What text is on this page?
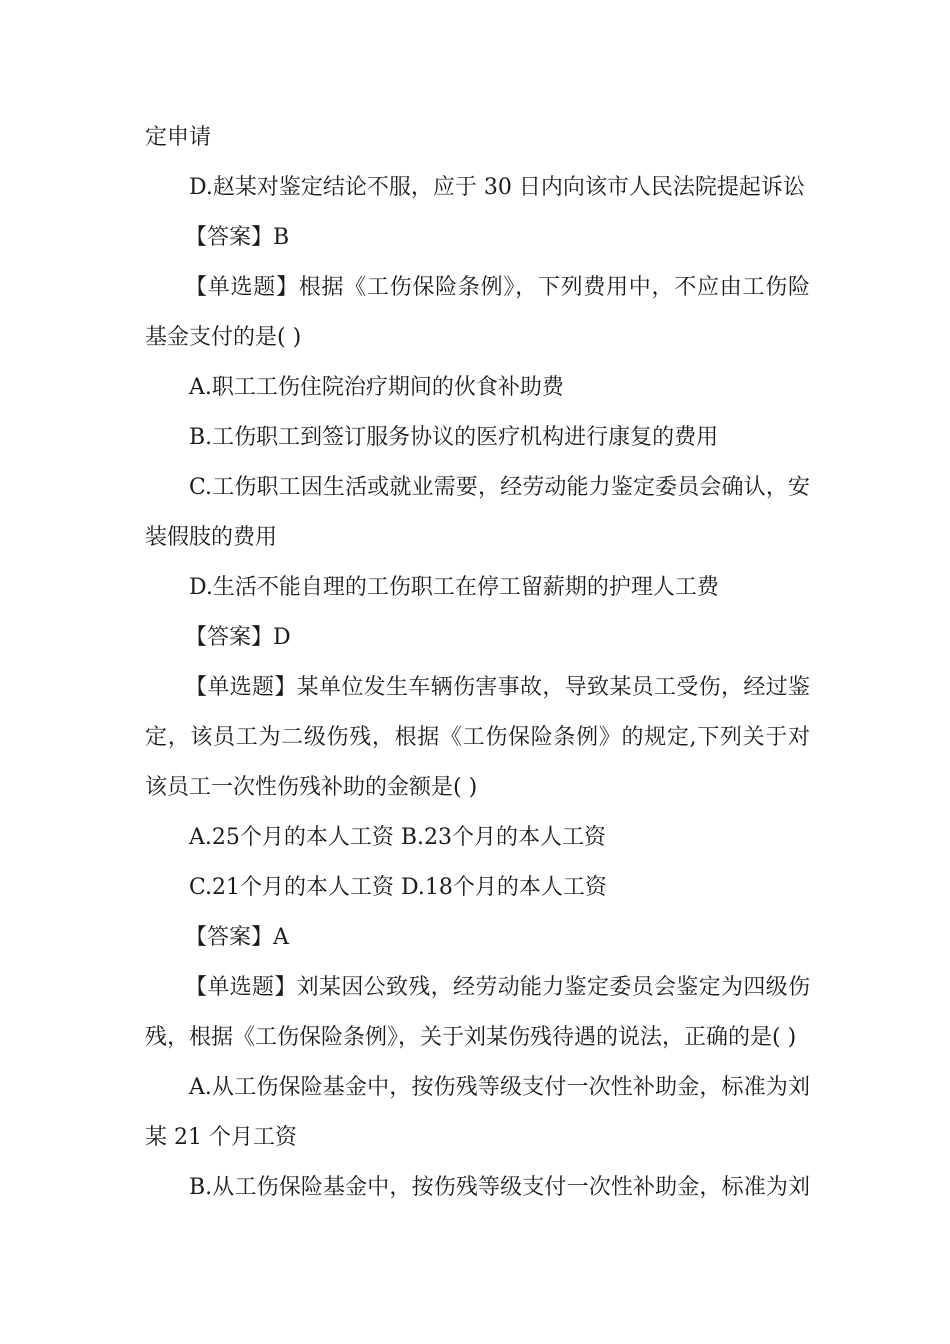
定申请
D.赵某对鉴定结论不服，应于 30 日内向该市人民法院提起诉讼
【答案】B
【单选题】根据《工伤保险条例》，下列费用中，不应由工伤险
基金支付的是( )
A.职工工伤住院治疗期间的伙食补助费
B.工伤职工到签订服务协议的医疗机构进行康复的费用
C.工伤职工因生活或就业需要，经劳动能力鉴定委员会确认，安
装假肢的费用
D.生活不能自理的工伤职工在停工留薪期的护理人工费
【答案】D
【单选题】某单位发生车辆伤害事故，导致某员工受伤，经过鉴
定，该员工为二级伤残，根据《工伤保险条例》的规定,下列关于对
该员工一次性伤残补助的金额是( )
A.25个月的本人工资 B.23个月的本人工资
C.21个月的本人工资 D.18个月的本人工资
【答案】A
【单选题】刘某因公致残，经劳动能力鉴定委员会鉴定为四级伤
残，根据《工伤保险条例》，关于刘某伤残待遇的说法，正确的是( )
A.从工伤保险基金中，按伤残等级支付一次性补助金，标准为刘
某 21 个月工资
B.从工伤保险基金中，按伤残等级支付一次性补助金，标准为刘
